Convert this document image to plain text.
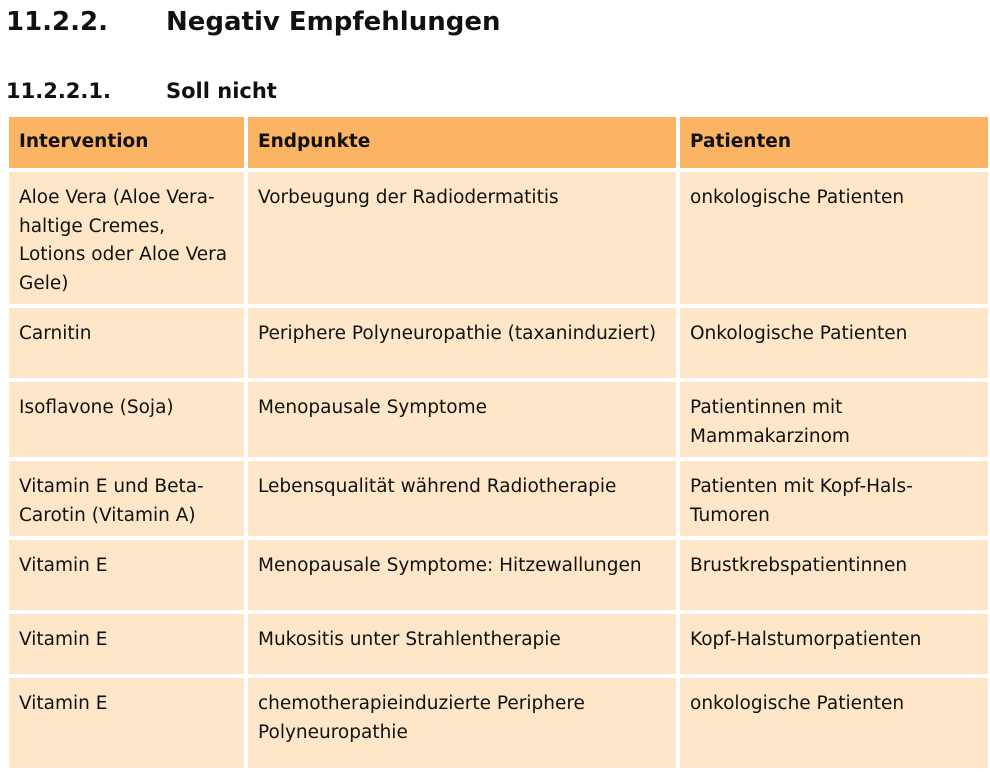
11.2.2. Negativ Empfehlungen
11.2.2.1.	Soll nicht
Intervention	Endpunkte	Patienten
Aloe Vera (Aloe Vera-haltige Cremes, Lotions oder Aloe Vera Gele)	Vorbeugung der Radiodermatitis	onkologische Patienten
Carnitin	Periphere Polyneuropathie (taxaninduziert)	Onkologische Patienten
Isoflavone (Soja)	Menopausale Symptome	Patientinnen mit Mammakarzinom
Vitamin E und Beta-Carotin (Vitamin A)	Lebensqualität während Radiotherapie	Patienten mit Kopf-Hals-Tumoren
Vitamin E	Menopausale Symptome: Hitzewallungen	Brustkrebspatientinnen
Vitamin E	Mukositis unter Strahlentherapie	Kopf-Halstumorpatienten
Vitamin E	chemotherapieinduzierte Periphere Polyneuropathie	onkologische Patienten
